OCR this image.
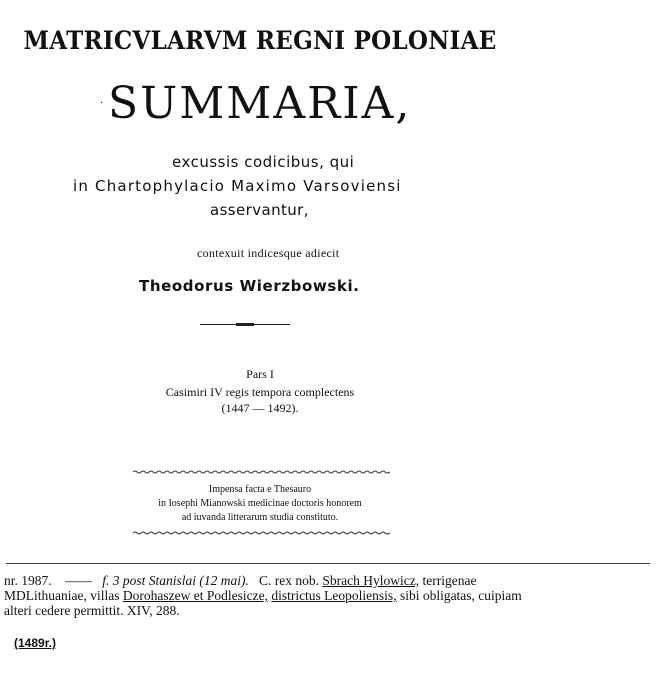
MATRICVLARVM REGNI POLONIAE
· SUMMARIA,
excussis codicibus, qui
in Chartophylacio Maximo Varsoviensi
asservantur,
contexuit indicesque adiecit
Theodorus Wierzbowski.
Pars I
Casimiri IV regis tempora complectens
(1447 — 1492).
Impensa facta e Thesauro
in Iosephi Mianowski medicinae doctoris honorem
ad iuvanda litterarum studia constituto.
nr. 1987. —— f. 3 post Stanislai (12 mai). C. rex nob. Sbrach Hylowicz, terrigenae
MDLithuaniae, villas Dorohaszew et Podlesicze, districtus Leopoliensis, sibi obligatas, cuipiam
alteri cedere permittit. XIV, 288.
(1489r.)
